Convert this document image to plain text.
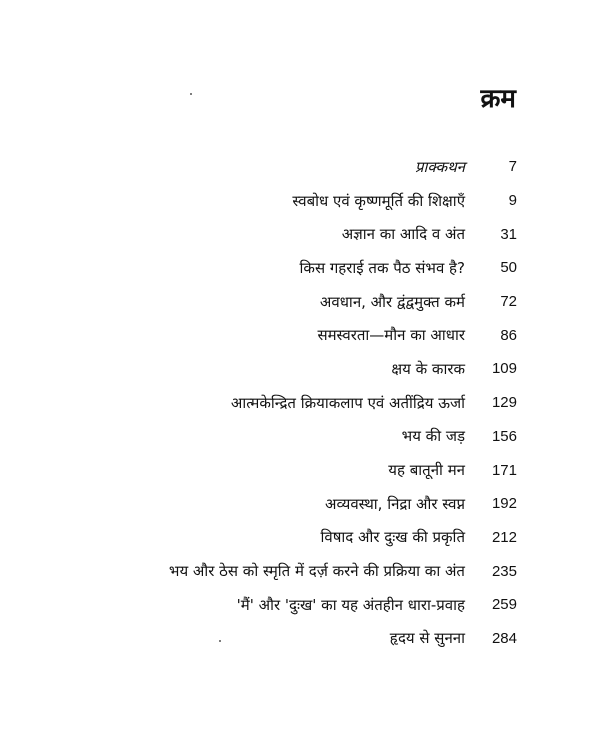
क्रम
प्राक्कथन	7
स्वबोध एवं कृष्णमूर्ति की शिक्षाएँ	9
अज्ञान का आदि व अंत	31
किस गहराई तक पैठ संभव है?	50
अवधान, और द्वंद्वमुक्त कर्म	72
समस्वरता—मौन का आधार	86
क्षय के कारक	109
आत्मकेन्द्रित क्रियाकलाप एवं अतींद्रिय ऊर्जा	129
भय की जड़	156
यह बातूनी मन	171
अव्यवस्था, निद्रा और स्वप्न	192
विषाद और दुःख की प्रकृति	212
भय और ठेस को स्मृति में दर्ज़ करने की प्रक्रिया का अंत	235
'मैं' और 'दुःख' का यह अंतहीन धारा-प्रवाह	259
हृदय से सुनना	284
